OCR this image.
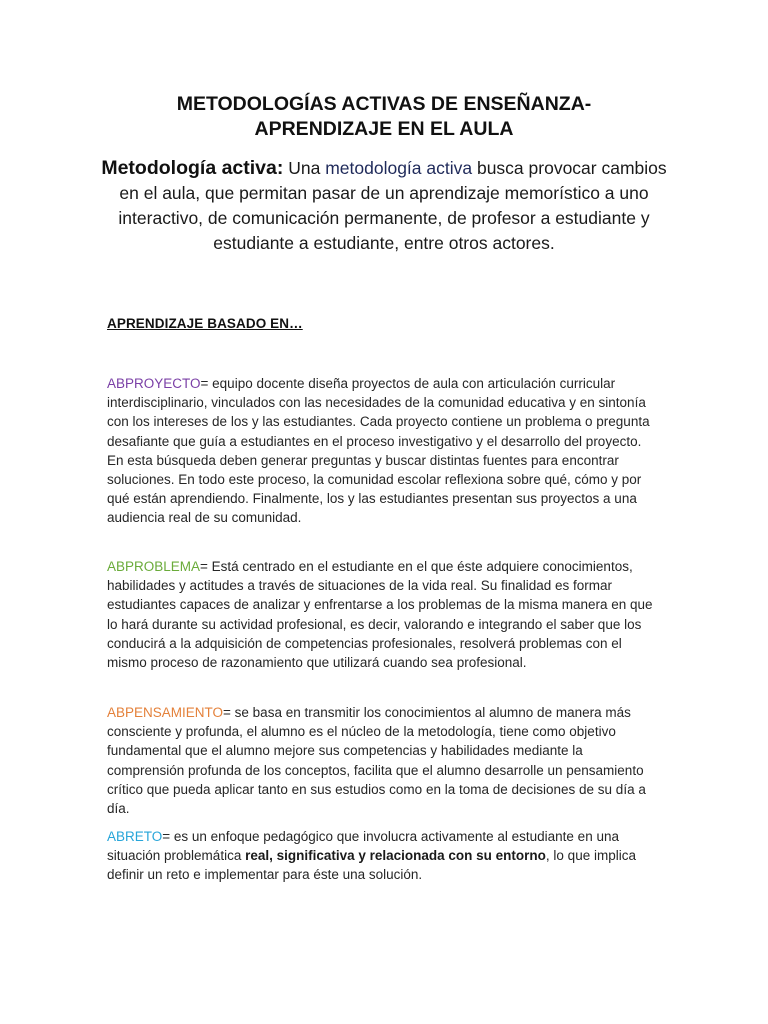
METODOLOGÍAS ACTIVAS DE ENSEÑANZA-
APRENDIZAJE EN EL AULA

Metodología activa: Una metodología activa busca provocar cambios en el aula, que permitan pasar de un aprendizaje memorístico a uno interactivo, de comunicación permanente, de profesor a estudiante y estudiante a estudiante, entre otros actores.

APRENDIZAJE BASADO EN…

ABPROYECTO= equipo docente diseña proyectos de aula con articulación curricular interdisciplinario, vinculados con las necesidades de la comunidad educativa y en sintonía con los intereses de los y las estudiantes. Cada proyecto contiene un problema o pregunta desafiante que guía a estudiantes en el proceso investigativo y el desarrollo del proyecto. En esta búsqueda deben generar preguntas y buscar distintas fuentes para encontrar soluciones. En todo este proceso, la comunidad escolar reflexiona sobre qué, cómo y por qué están aprendiendo. Finalmente, los y las estudiantes presentan sus proyectos a una audiencia real de su comunidad.

ABPROBLEMA= Está centrado en el estudiante en el que éste adquiere conocimientos, habilidades y actitudes a través de situaciones de la vida real. Su finalidad es formar estudiantes capaces de analizar y enfrentarse a los problemas de la misma manera en que lo hará durante su actividad profesional, es decir, valorando e integrando el saber que los conducirá a la adquisición de competencias profesionales, resolverá problemas con el mismo proceso de razonamiento que utilizará cuando sea profesional.

ABPENSAMIENTO= se basa en transmitir los conocimientos al alumno de manera más consciente y profunda, el alumno es el núcleo de la metodología, tiene como objetivo fundamental que el alumno mejore sus competencias y habilidades mediante la comprensión profunda de los conceptos, facilita que el alumno desarrolle un pensamiento crítico que pueda aplicar tanto en sus estudios como en la toma de decisiones de su día a día.

ABRETO= es un enfoque pedagógico que involucra activamente al estudiante en una situación problemática real, significativa y relacionada con su entorno, lo que implica definir un reto e implementar para éste una solución.
